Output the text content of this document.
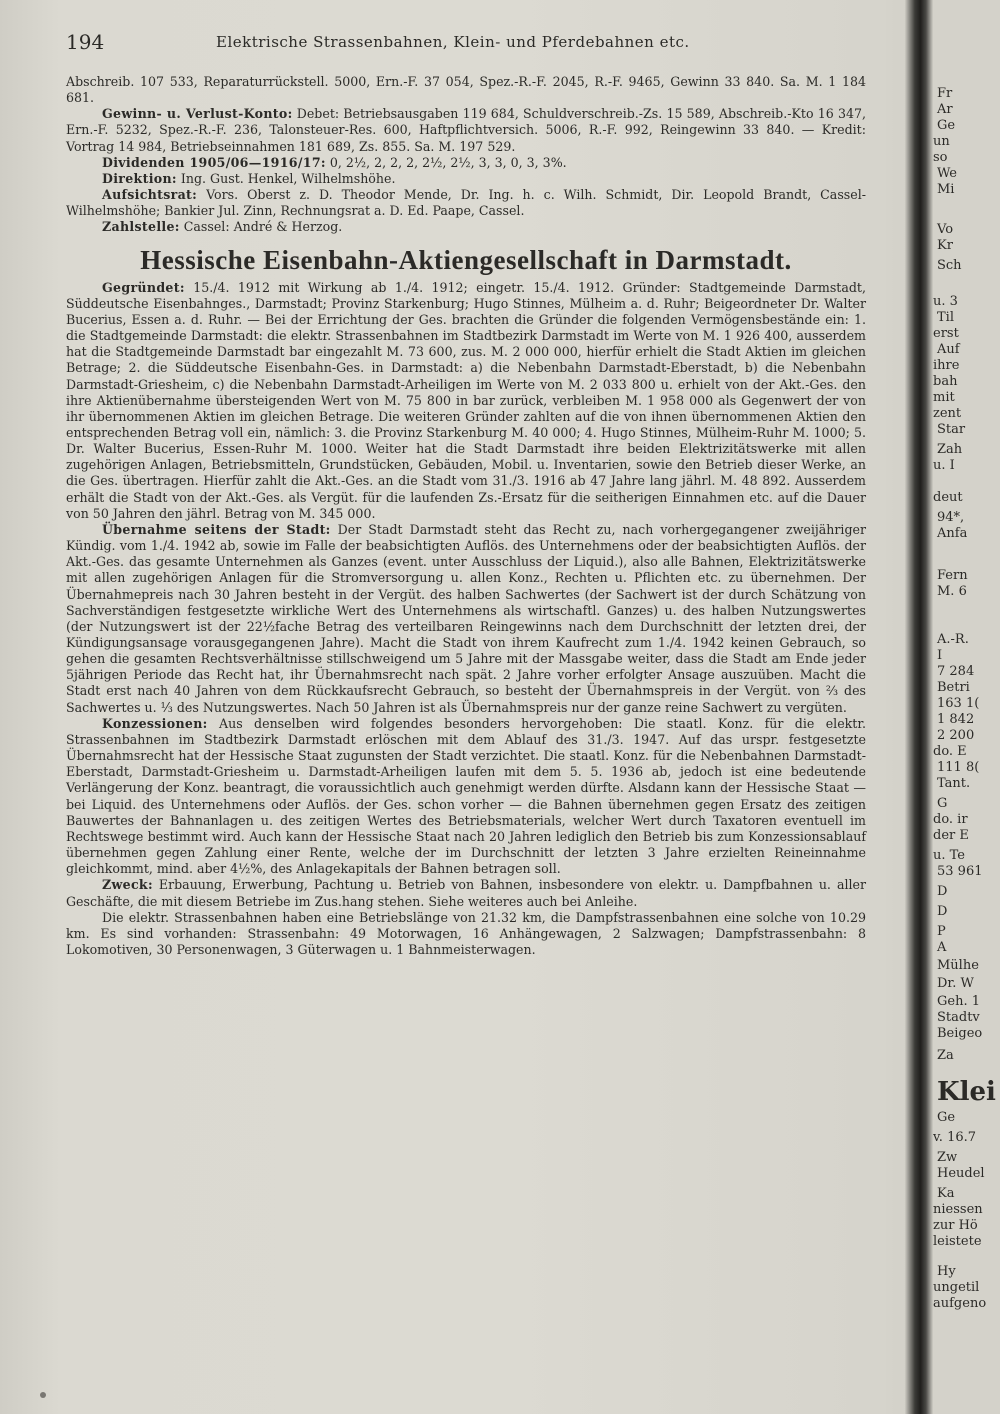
194	Elektrische Strassenbahnen, Klein- und Pferdebahnen etc.

Abschreib. 107 533, Reparaturrückstell. 5000, Ern.-F. 37 054, Spez.-R.-F. 2045, R.-F. 9465, Gewinn 33 840. Sa. M. 1 184 681.

Gewinn- u. Verlust-Konto: Debet: Betriebsausgaben 119 684, Schuldverschreib.-Zs. 15 589, Abschreib.-Kto 16 347, Ern.-F. 5232, Spez.-R.-F. 236, Talonsteuer-Res. 600, Haftpflichtversich. 5006, R.-F. 992, Reingewinn 33 840. — Kredit: Vortrag 14 984, Betriebseinnahmen 181 689, Zs. 855. Sa. M. 197 529.

Dividenden 1905/06—1916/17: 0, 2½, 2, 2, 2, 2½, 2½, 3, 3, 0, 3, 3%.

Direktion: Ing. Gust. Henkel, Wilhelmshöhe.

Aufsichtsrat: Vors. Oberst z. D. Theodor Mende, Dr. Ing. h. c. Wilh. Schmidt, Dir. Leopold Brandt, Cassel-Wilhelmshöhe; Bankier Jul. Zinn, Rechnungsrat a. D. Ed. Paape, Cassel.

Zahlstelle: Cassel: André & Herzog.

Hessische Eisenbahn-Aktiengesellschaft in Darmstadt.

Gegründet: 15./4. 1912 mit Wirkung ab 1./4. 1912; eingetr. 15./4. 1912. Gründer: Stadtgemeinde Darmstadt, Süddeutsche Eisenbahnges., Darmstadt; Provinz Starkenburg; Hugo Stinnes, Mülheim a. d. Ruhr; Beigeordneter Dr. Walter Bucerius, Essen a. d. Ruhr. — Bei der Errichtung der Ges. brachten die Gründer die folgenden Vermögensbestände ein: 1. die Stadtgemeinde Darmstadt: die elektr. Strassenbahnen im Stadtbezirk Darmstadt im Werte von M. 1 926 400, ausserdem hat die Stadtgemeinde Darmstadt bar eingezahlt M. 73 600, zus. M. 2 000 000, hierfür erhielt die Stadt Aktien im gleichen Betrage; 2. die Süddeutsche Eisenbahn-Ges. in Darmstadt: a) die Nebenbahn Darmstadt-Eberstadt, b) die Nebenbahn Darmstadt-Griesheim, c) die Nebenbahn Darmstadt-Arheiligen im Werte von M. 2 033 800 u. erhielt von der Akt.-Ges. den ihre Aktienübernahme übersteigenden Wert von M. 75 800 in bar zurück, verbleiben M. 1 958 000 als Gegenwert der von ihr übernommenen Aktien im gleichen Betrage. Die weiteren Gründer zahlten auf die von ihnen übernommenen Aktien den entsprechenden Betrag voll ein, nämlich: 3. die Provinz Starkenburg M. 40 000; 4. Hugo Stinnes, Mülheim-Ruhr M. 1000; 5. Dr. Walter Bucerius, Essen-Ruhr M. 1000. Weiter hat die Stadt Darmstadt ihre beiden Elektrizitätswerke mit allen zugehörigen Anlagen, Betriebsmitteln, Grundstücken, Gebäuden, Mobil. u. Inventarien, sowie den Betrieb dieser Werke, an die Ges. übertragen. Hierfür zahlt die Akt.-Ges. an die Stadt vom 31./3. 1916 ab 47 Jahre lang jährl. M. 48 892. Ausserdem erhält die Stadt von der Akt.-Ges. als Vergüt. für die laufenden Zs.-Ersatz für die seitherigen Einnahmen etc. auf die Dauer von 50 Jahren den jährl. Betrag von M. 345 000.

Übernahme seitens der Stadt: Der Stadt Darmstadt steht das Recht zu, nach vorhergegangener zweijähriger Kündig. vom 1./4. 1942 ab, sowie im Falle der beabsichtigten Auflös. des Unternehmens oder der beabsichtigten Auflös. der Akt.-Ges. das gesamte Unternehmen als Ganzes (event. unter Ausschluss der Liquid.), also alle Bahnen, Elektrizitätswerke mit allen zugehörigen Anlagen für die Stromversorgung u. allen Konz., Rechten u. Pflichten etc. zu übernehmen. Der Übernahmepreis nach 30 Jahren besteht in der Vergüt. des halben Sachwertes (der Sachwert ist der durch Schätzung von Sachverständigen festgesetzte wirkliche Wert des Unternehmens als wirtschaftl. Ganzes) u. des halben Nutzungswertes (der Nutzungswert ist der 22½fache Betrag des verteilbaren Reingewinns nach dem Durchschnitt der letzten drei, der Kündigungsansage vorausgegangenen Jahre). Macht die Stadt von ihrem Kaufrecht zum 1./4. 1942 keinen Gebrauch, so gehen die gesamten Rechtsverhältnisse stillschweigend um 5 Jahre mit der Massgabe weiter, dass die Stadt am Ende jeder 5jährigen Periode das Recht hat, ihr Übernahmsrecht nach spät. 2 Jahre vorher erfolgter Ansage auszuüben. Macht die Stadt erst nach 40 Jahren von dem Rückkaufsrecht Gebrauch, so besteht der Übernahmspreis in der Vergüt. von ⅔ des Sachwertes u. ⅓ des Nutzungswertes. Nach 50 Jahren ist als Übernahmspreis nur der ganze reine Sachwert zu vergüten.

Konzessionen: Aus denselben wird folgendes besonders hervorgehoben: Die staatl. Konz. für die elektr. Strassenbahnen im Stadtbezirk Darmstadt erlöschen mit dem Ablauf des 31./3. 1947. Auf das urspr. festgesetzte Übernahmsrecht hat der Hessische Staat zugunsten der Stadt verzichtet. Die staatl. Konz. für die Nebenbahnen Darmstadt-Eberstadt, Darmstadt-Griesheim u. Darmstadt-Arheiligen laufen mit dem 5. 5. 1936 ab, jedoch ist eine bedeutende Verlängerung der Konz. beantragt, die voraussichtlich auch genehmigt werden dürfte. Alsdann kann der Hessische Staat — bei Liquid. des Unternehmens oder Auflös. der Ges. schon vorher — die Bahnen übernehmen gegen Ersatz des zeitigen Bauwertes der Bahnanlagen u. des zeitigen Wertes des Betriebsmaterials, welcher Wert durch Taxatoren eventuell im Rechtswege bestimmt wird. Auch kann der Hessische Staat nach 20 Jahren lediglich den Betrieb bis zum Konzessionsablauf übernehmen gegen Zahlung einer Rente, welche der im Durchschnitt der letzten 3 Jahre erzielten Reineinnahme gleichkommt, mind. aber 4½%, des Anlagekapitals der Bahnen betragen soll.

Zweck: Erbauung, Erwerbung, Pachtung u. Betrieb von Bahnen, insbesondere von elektr. u. Dampfbahnen u. aller Geschäfte, die mit diesem Betriebe im Zus.hang stehen. Siehe weiteres auch bei Anleihe.

Die elektr. Strassenbahnen haben eine Betriebslänge von 21.32 km, die Dampfstrassenbahnen eine solche von 10.29 km. Es sind vorhanden: Strassenbahn: 49 Motorwagen, 16 Anhängewagen, 2 Salzwagen; Dampfstrassenbahn: 8 Lokomotiven, 30 Personenwagen, 3 Güterwagen u. 1 Bahnmeisterwagen.

Fr
Ar
Ge
un
so
We
Mi
Vo
Kr
Sch
u. 3
Til
erst
Auf
ihre
bah
mit
zent
Star
Zah
u. I
deut
94*,
Anfa
Fern
M. 6
A.-R.
I
7 284
Betri
163 1(
1 842
2 200
do. E
111 8(
Tant.
G
do. ir
der E
u. Te
53 961
D
D
P
A
Mülhe
Dr. W
Geh. 1
Stadtv
Beigeo
Za
Klei
Ge
v. 16.7
Zw
Heudel
Ka
niessen
zur Hö
leistete
Hy
ungetil
aufgeno
